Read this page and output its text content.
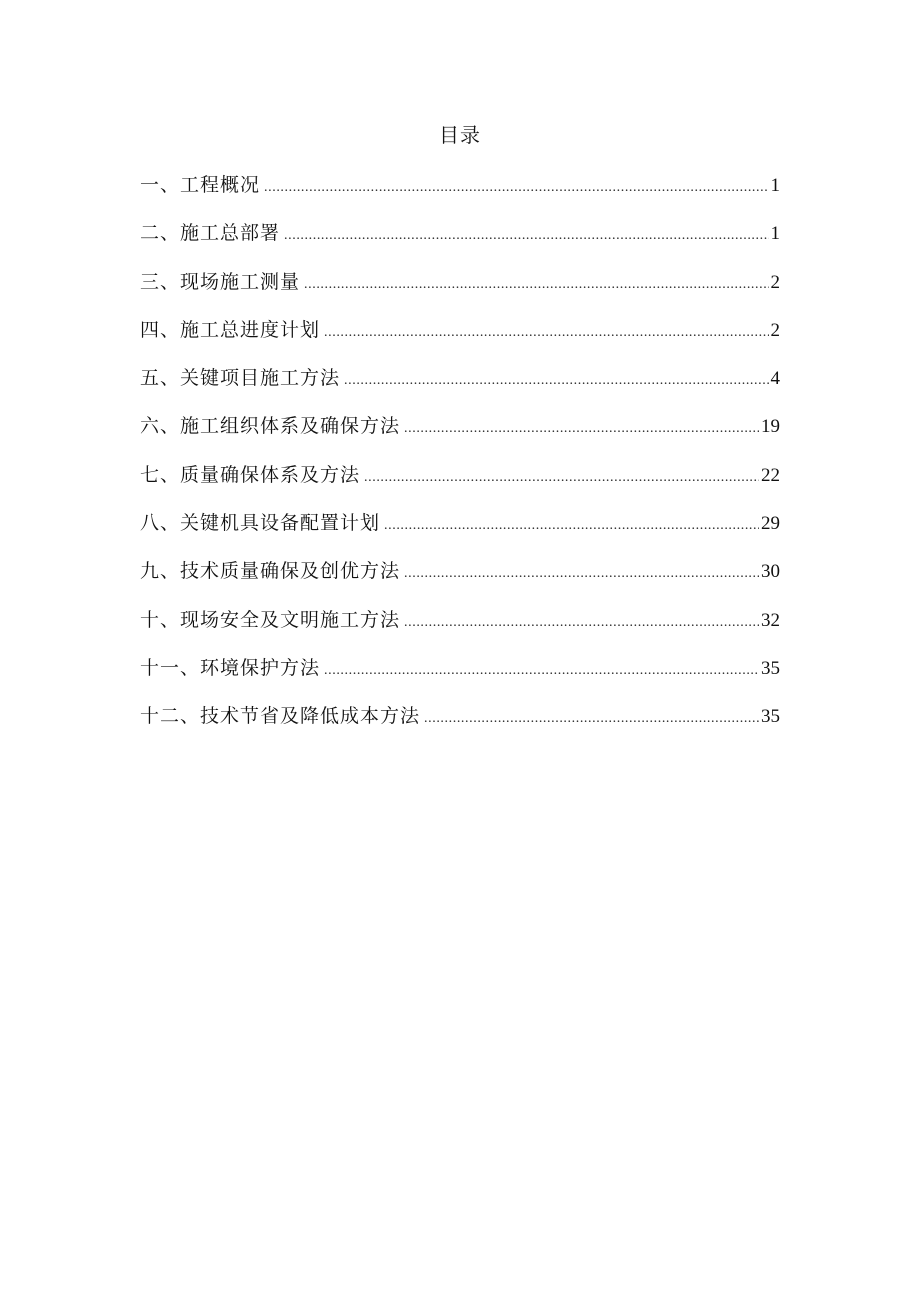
目录
一、工程概况 .....	1
二、施工总部署 .....	1
三、现场施工测量 .....	2
四、施工总进度计划 .....	2
五、关键项目施工方法 .....	4
六、施工组织体系及确保方法 .....	19
七、质量确保体系及方法 .....	22
八、关键机具设备配置计划 .....	29
九、技术质量确保及创优方法 .....	30
十、现场安全及文明施工方法 .....	32
十一、环境保护方法 .....	35
十二、技术节省及降低成本方法 .....	35
